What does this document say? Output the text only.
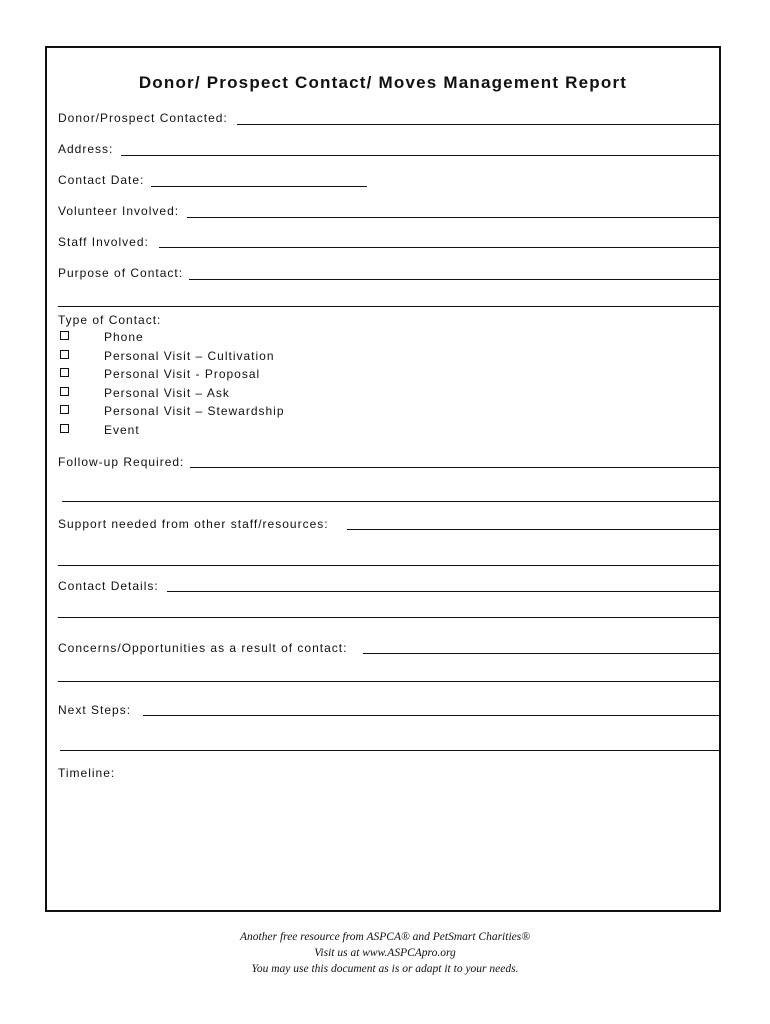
Donor/ Prospect Contact/ Moves Management Report
Donor/Prospect Contacted:
Address:
Contact Date:
Volunteer Involved:
Staff Involved:
Purpose of Contact:
Type of Contact:
Phone
Personal Visit – Cultivation
Personal Visit - Proposal
Personal Visit – Ask
Personal Visit – Stewardship
Event
Follow-up Required:
Support needed from other staff/resources:
Contact Details:
Concerns/Opportunities as a result of contact:
Next Steps:
Timeline:
Another free resource from ASPCA® and PetSmart Charities®
Visit us at www.ASPCApro.org
You may use this document as is or adapt it to your needs.
